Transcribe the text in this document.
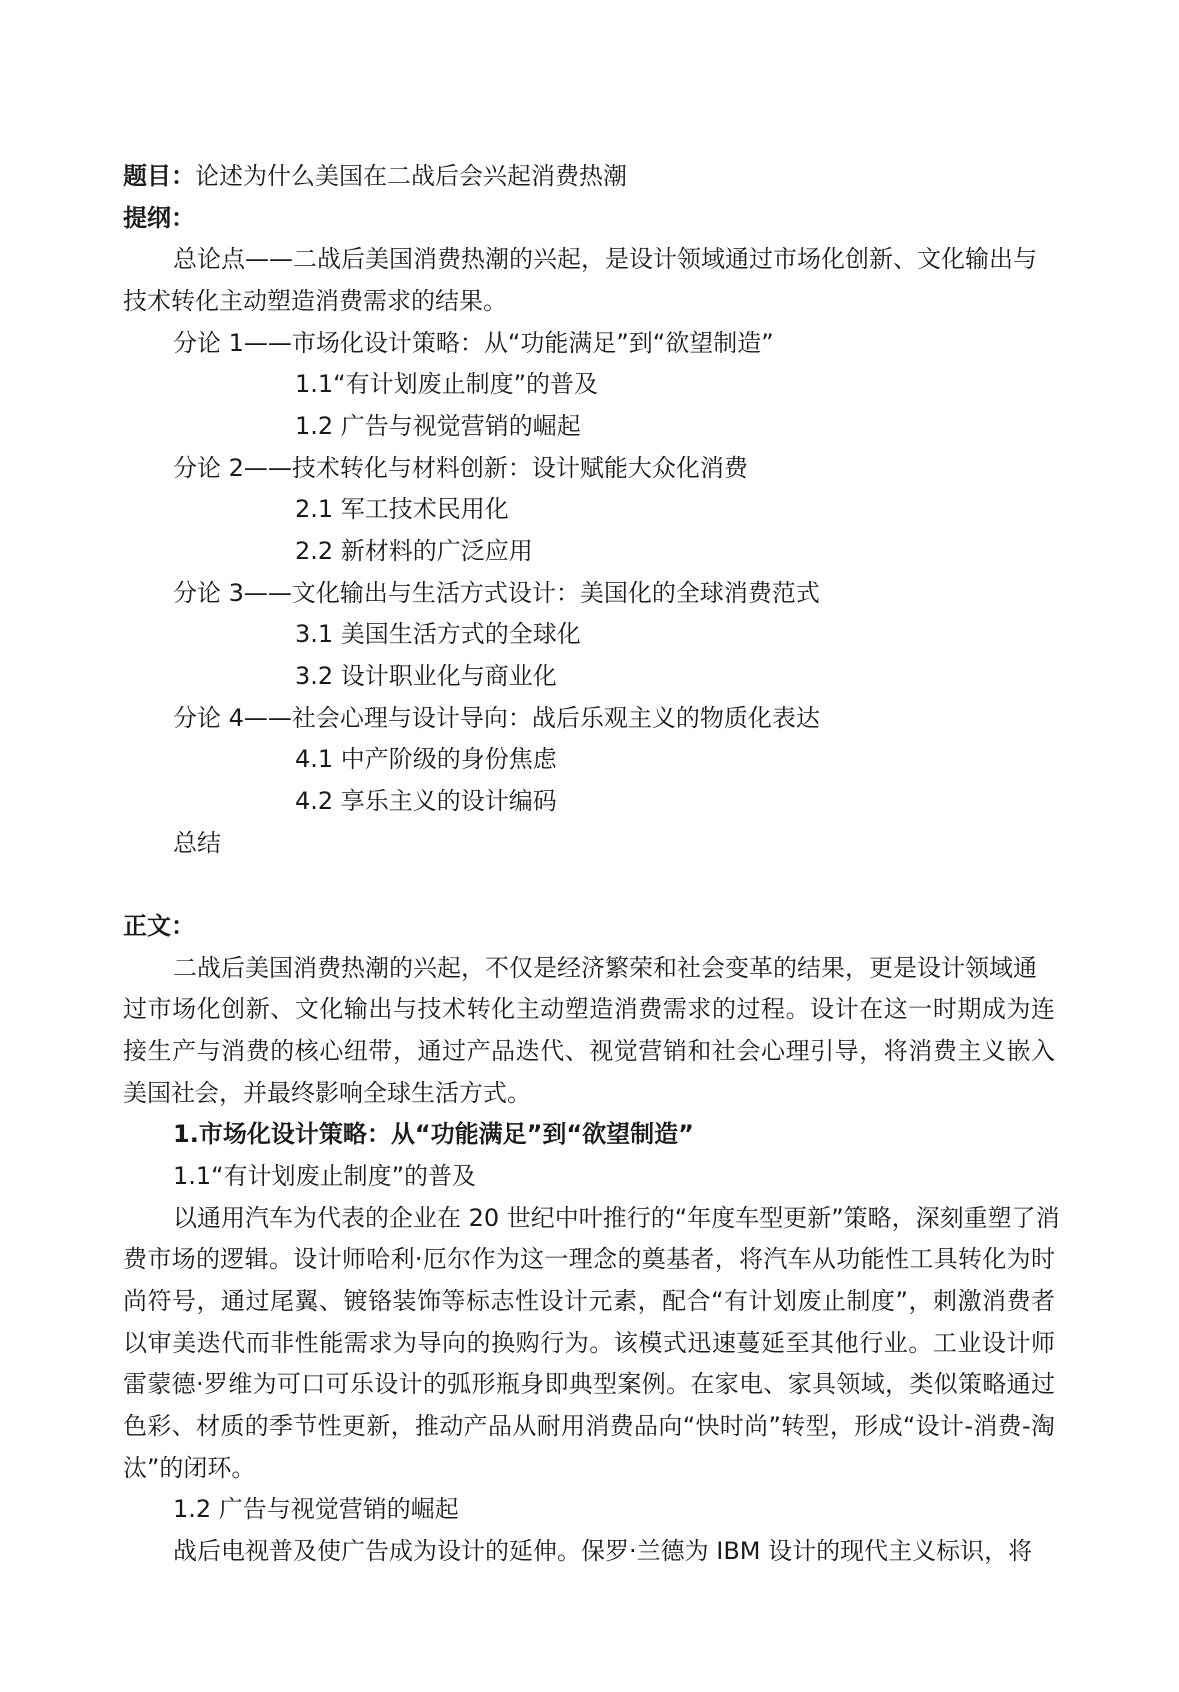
题目：论述为什么美国在二战后会兴起消费热潮
提纲：
总论点——二战后美国消费热潮的兴起，是设计领域通过市场化创新、文化输出与
技术转化主动塑造消费需求的结果。
分论 1——市场化设计策略：从“功能满足”到“欲望制造”
1.1“有计划废止制度”的普及
1.2 广告与视觉营销的崛起
分论 2——技术转化与材料创新：设计赋能大众化消费
2.1 军工技术民用化
2.2 新材料的广泛应用
分论 3——文化输出与生活方式设计：美国化的全球消费范式
3.1 美国生活方式的全球化
3.2 设计职业化与商业化
分论 4——社会心理与设计导向：战后乐观主义的物质化表达
4.1 中产阶级的身份焦虑
4.2 享乐主义的设计编码
总结
正文：
二战后美国消费热潮的兴起，不仅是经济繁荣和社会变革的结果，更是设计领域通
过市场化创新、文化输出与技术转化主动塑造消费需求的过程。设计在这一时期成为连
接生产与消费的核心纽带，通过产品迭代、视觉营销和社会心理引导，将消费主义嵌入
美国社会，并最终影响全球生活方式。
1.市场化设计策略：从“功能满足”到“欲望制造”
1.1“有计划废止制度”的普及
以通用汽车为代表的企业在 20 世纪中叶推行的“年度车型更新”策略，深刻重塑了消
费市场的逻辑。设计师哈利·厄尔作为这一理念的奠基者，将汽车从功能性工具转化为时
尚符号，通过尾翼、镀铬装饰等标志性设计元素，配合“有计划废止制度”，刺激消费者
以审美迭代而非性能需求为导向的换购行为。该模式迅速蔓延至其他行业。工业设计师
雷蒙德·罗维为可口可乐设计的弧形瓶身即典型案例。在家电、家具领域，类似策略通过
色彩、材质的季节性更新，推动产品从耐用消费品向“快时尚”转型，形成“设计-消费-淘
汰”的闭环。
1.2 广告与视觉营销的崛起
战后电视普及使广告成为设计的延伸。保罗·兰德为 IBM 设计的现代主义标识，将
